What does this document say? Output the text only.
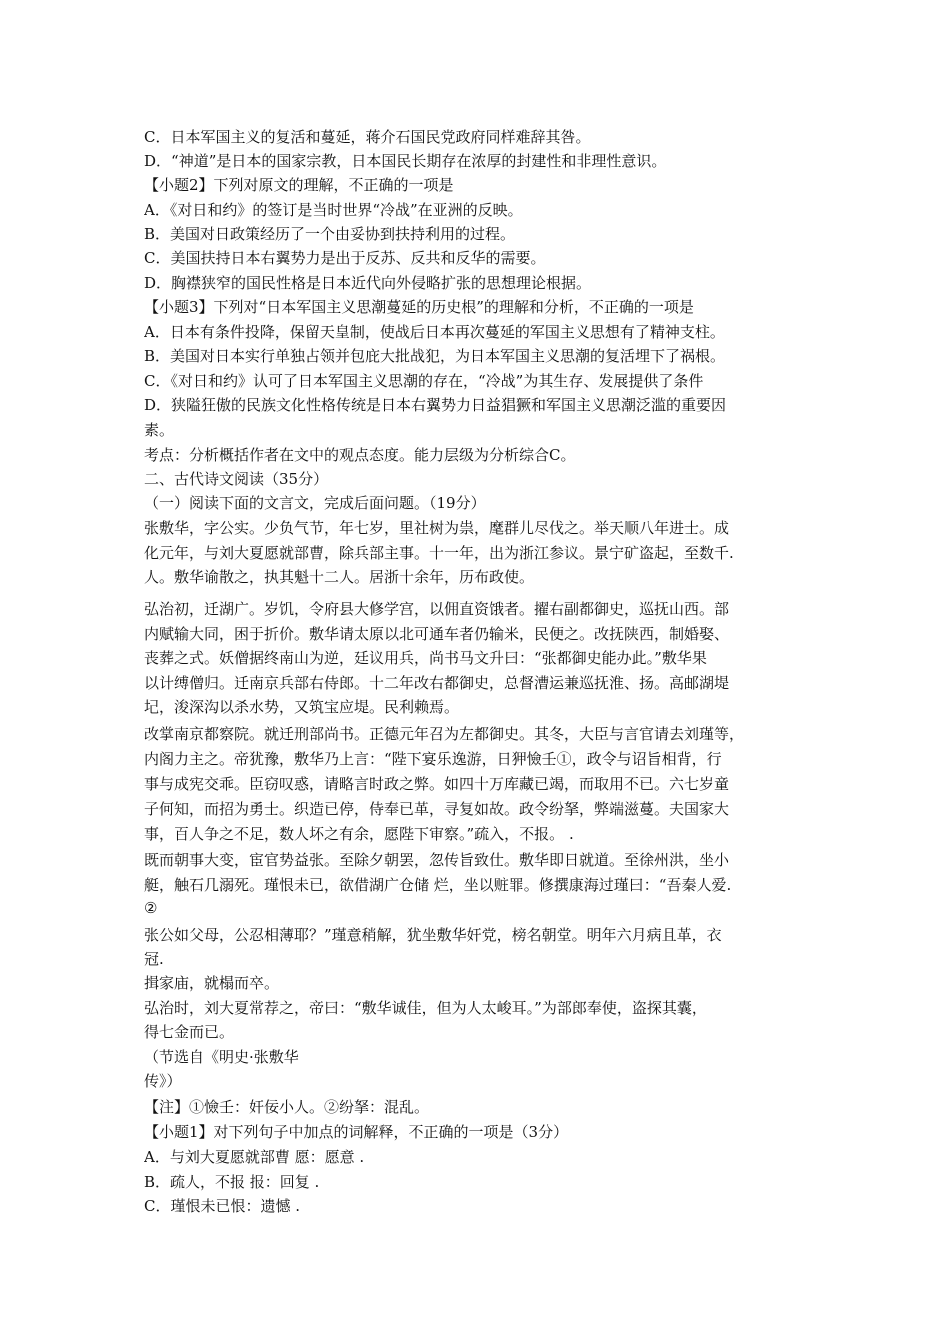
C．日本军国主义的复活和蔓延，蒋介石国民党政府同样难辞其咎。
D．“神道”是日本的国家宗教，日本国民长期存在浓厚的封建性和非理性意识。
【小题2】下列对原文的理解，不正确的一项是
A．《对日和约》的签订是当时世界“冷战”在亚洲的反映。
B．美国对日政策经历了一个由妥协到扶持利用的过程。
C．美国扶持日本右翼势力是出于反苏、反共和反华的需要。
D．胸襟狭窄的国民性格是日本近代向外侵略扩张的思想理论根据。
【小题3】下列对“日本军国主义思潮蔓延的历史根”的理解和分析，不正确的一项是
A．日本有条件投降，保留天皇制，使战后日本再次蔓延的军国主义思想有了精神支柱。
B．美国对日本实行单独占领并包庇大批战犯，为日本军国主义思潮的复活埋下了祸根。
C．《对日和约》认可了日本军国主义思潮的存在，“冷战”为其生存、发展提供了条件
D．狭隘狂傲的民族文化性格传统是日本右翼势力日益猖獗和军国主义思潮泛滥的重要因
素。
考点：分析概括作者在文中的观点态度。能力层级为分析综合C。
二、古代诗文阅读（35分）
（一）阅读下面的文言文，完成后面问题。（19分）
张敷华，字公实。少负气节，年七岁，里社树为祟，麾群儿尽伐之。举天顺八年进士。成
化元年，与刘大夏愿就部曹，除兵部主事。十一年，出为浙江参议。景宁矿盗起，至数千.
人。敷华谕散之，执其魁十二人。居浙十余年，历布政使。
弘治初，迁湖广。岁饥，令府县大修学宫，以佣直资饿者。擢右副都御史，巡抚山西。部
内赋输大同，困于折价。敷华请太原以北可通车者仍输米，民便之。改抚陕西，制婚娶、
丧葬之式。妖僧据终南山为逆，廷议用兵，尚书马文升曰：“张都御史能办此。”敷华果
以计缚僧归。迁南京兵部右侍郎。十二年改右都御史，总督漕运兼巡抚淮、扬。高邮湖堤
圮，浚深沟以杀水势，又筑宝应堤。民利赖焉。
改掌南京都察院。就迁刑部尚书。正德元年召为左都御史。其冬，大臣与言官请去刘瑾等，
内阁力主之。帝犹豫，敷华乃上言：“陛下宴乐逸游，日狎憸壬①，政令与诏旨相背，行
事与成宪交乖。臣窃叹惑，请略言时政之弊。如四十万库藏已竭，而取用不已。六七岁童
子何知，而招为勇士。织造已停，侍奉已革，寻复如故。政令纷拏，弊端滋蔓。夫国家大
事，百人争之不足，数人坏之有余，愿陛下审察。”疏入，不报。 .
既而朝事大变，宦官势益张。至除夕朝罢，忽传旨致仕。敷华即日就道。至徐州洪，坐小
艇，触石几溺死。瑾恨未已，欲借湖广仓储 烂，坐以赃罪。修撰康海过瑾曰：“吾秦人爱.
②
张公如父母，公忍相薄耶？”瑾意稍解，犹坐敷华奸党，榜名朝堂。明年六月病且革，衣
冠.
揖家庙，就榻而卒。
弘治时，刘大夏常荐之，帝曰：“敷华诚佳，但为人太峻耳。”为部郎奉使，盗探其囊，
得七金而已。
（节选自《明史·张敷华
传》）
【注】①憸壬：奸佞小人。②纷拏：混乱。
【小题1】对下列句子中加点的词解释，不正确的一项是（3分）
A．与刘大夏愿就部曹 愿：愿意 .
B．疏人，不报 报：回复 .
C．瑾恨未已恨：遗憾 .
